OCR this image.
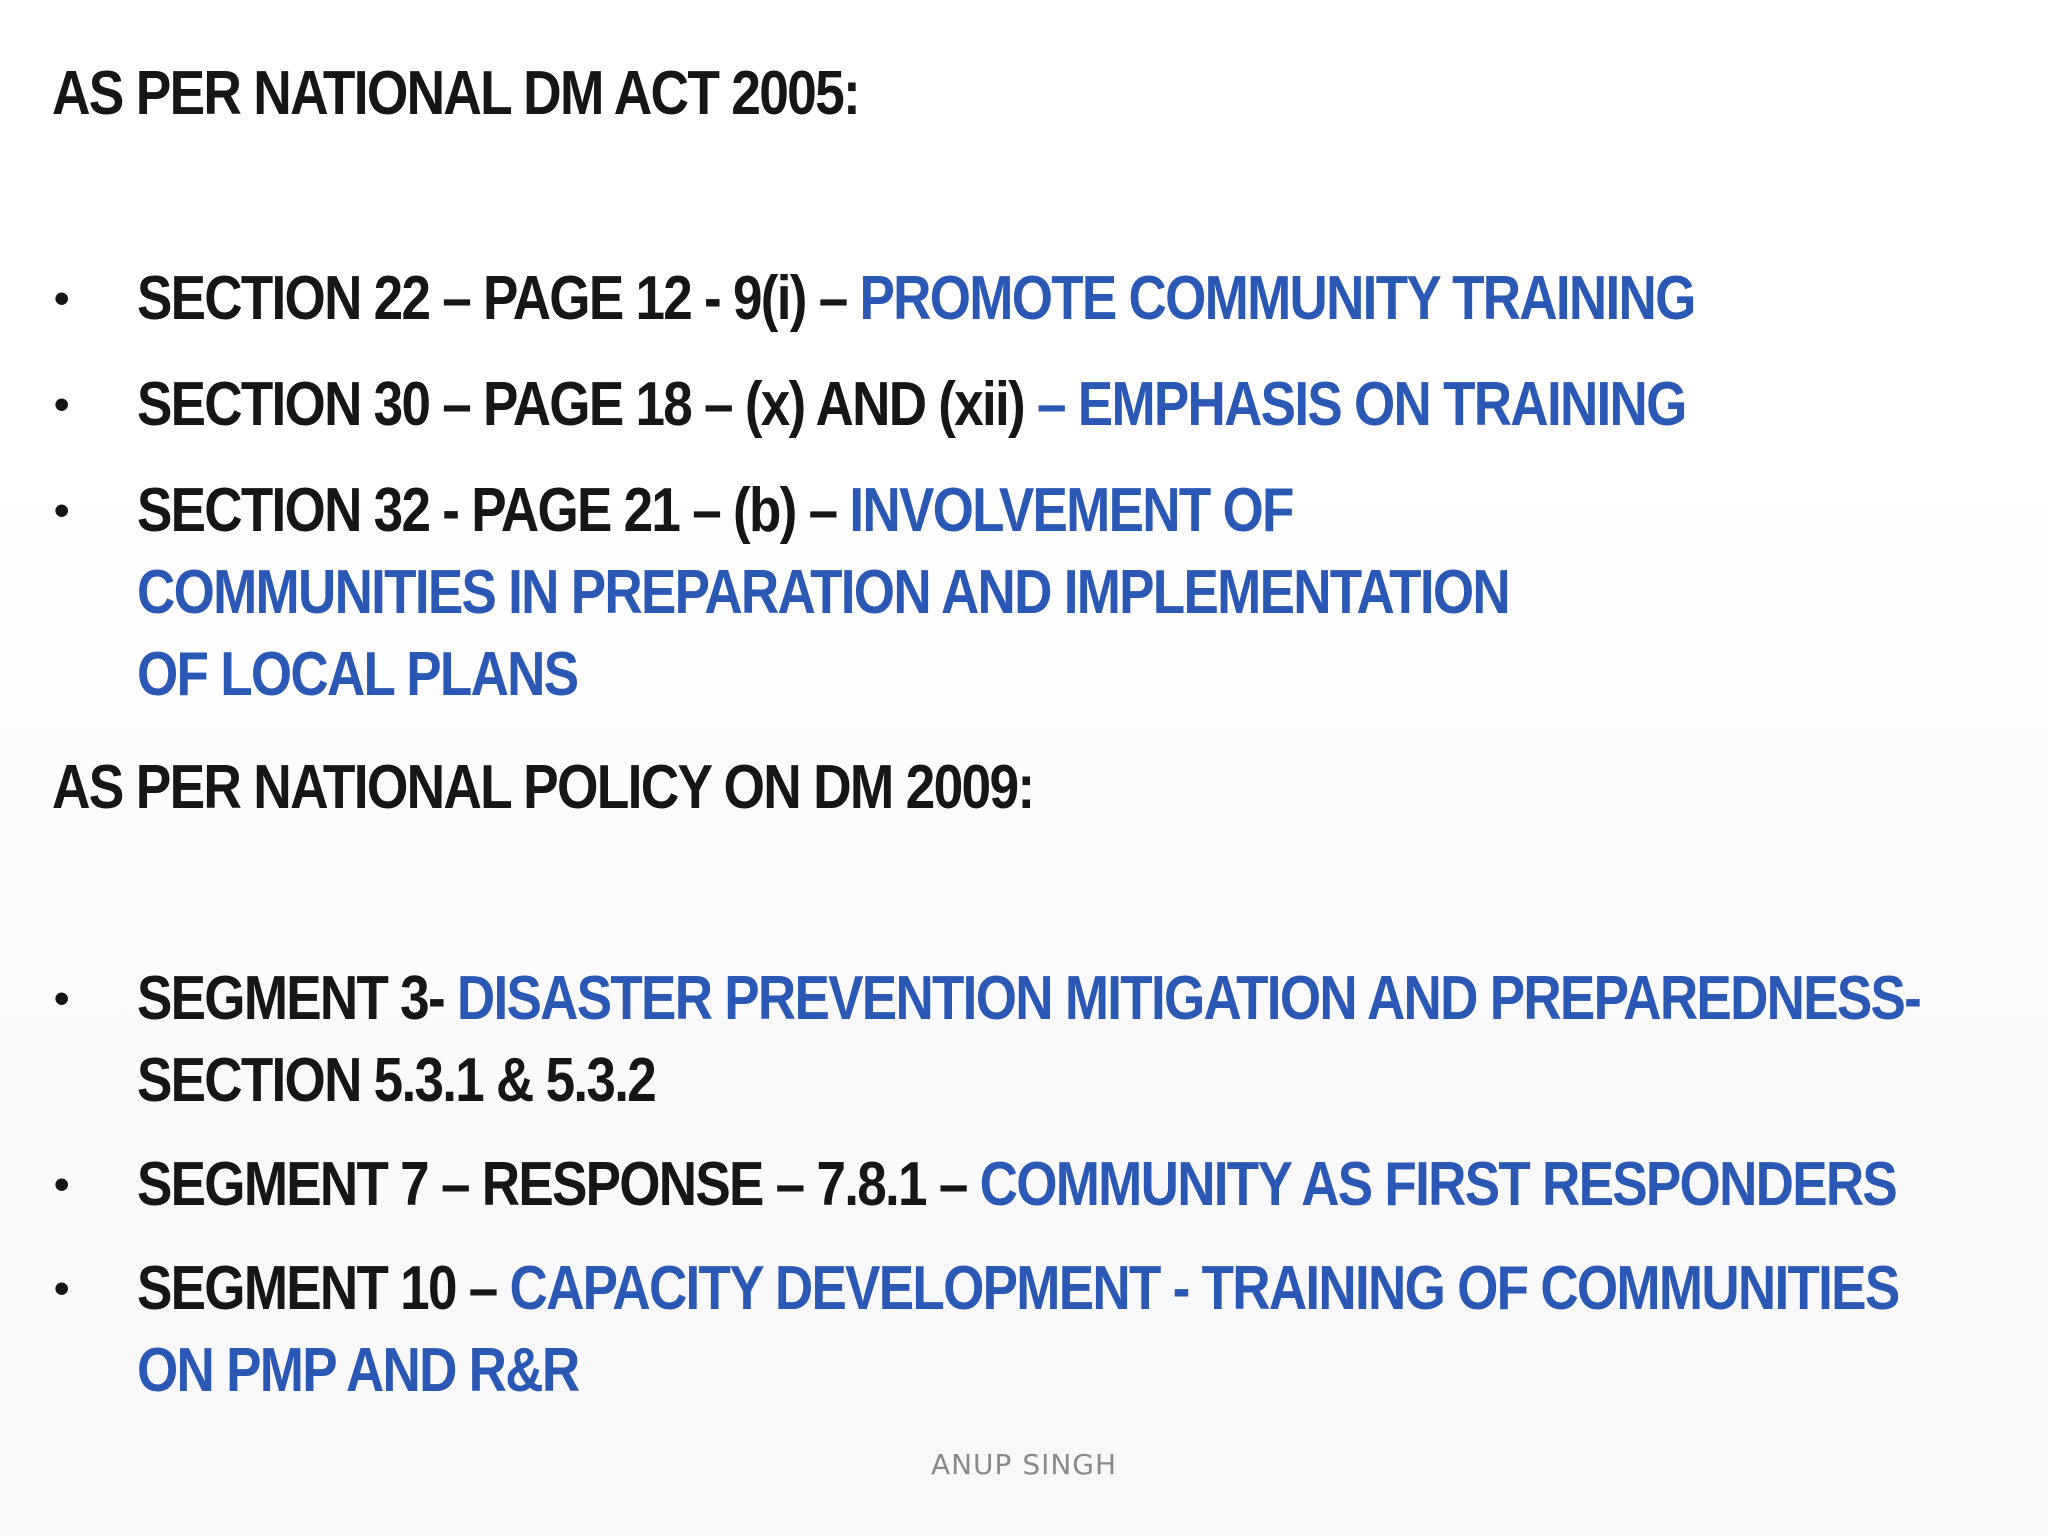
AS PER NATIONAL DM ACT 2005:
• SECTION 22 – PAGE 12 - 9(i) – PROMOTE COMMUNITY TRAINING
• SECTION 30 – PAGE 18 – (x) AND (xii) – EMPHASIS ON TRAINING
• SECTION 32 - PAGE 21 – (b) – INVOLVEMENT OF COMMUNITIES IN PREPARATION AND IMPLEMENTATION OF LOCAL PLANS
AS PER NATIONAL POLICY ON DM 2009:
• SEGMENT 3- DISASTER PREVENTION MITIGATION AND PREPAREDNESS- SECTION 5.3.1 & 5.3.2
• SEGMENT 7 – RESPONSE – 7.8.1 – COMMUNITY AS FIRST RESPONDERS
• SEGMENT 10 – CAPACITY DEVELOPMENT - TRAINING OF COMMUNITIES ON PMP AND R&R
ANUP SINGH
